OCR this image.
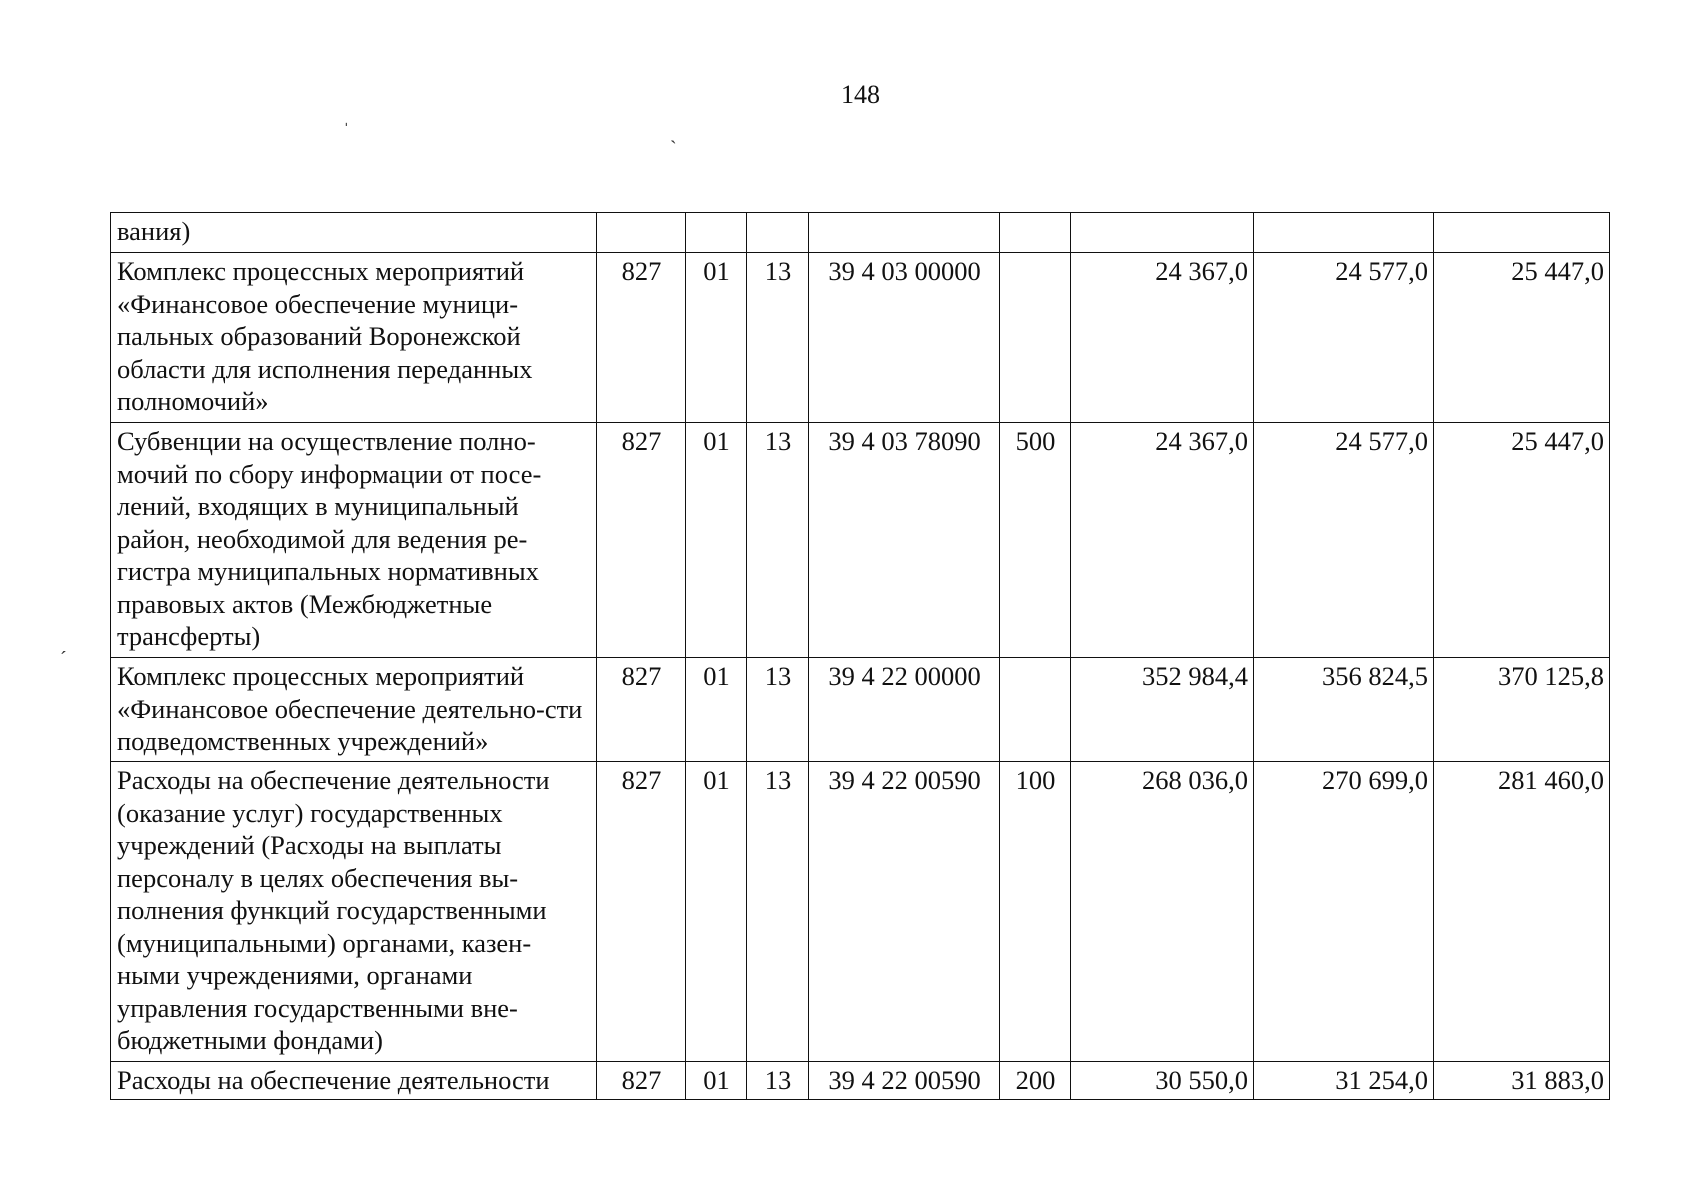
148
ˈ	ˏ
ˊ
вания)								
Комплекс процессных мероприятий «Финансовое обеспечение муници-пальных образований Воронежской области для исполнения переданных полномочий»	827	01	13	39 4 03 00000		24 367,0	24 577,0	25 447,0
Субвенции на осуществление полно-мочий по сбору информации от посе-лений, входящих в муниципальный район, необходимой для ведения ре-гистра муниципальных нормативных правовых актов (Межбюджетные трансферты)	827	01	13	39 4 03 78090	500	24 367,0	24 577,0	25 447,0
Комплекс процессных мероприятий «Финансовое обеспечение деятельно-сти подведомственных учреждений»	827	01	13	39 4 22 00000		352 984,4	356 824,5	370 125,8
Расходы на обеспечение деятельности (оказание услуг) государственных учреждений (Расходы на выплаты персоналу в целях обеспечения вы-полнения функций государственными (муниципальными) органами, казен-ными учреждениями, органами управления государственными вне-бюджетными фондами)	827	01	13	39 4 22 00590	100	268 036,0	270 699,0	281 460,0
Расходы на обеспечение деятельности	827	01	13	39 4 22 00590	200	30 550,0	31 254,0	31 883,0
